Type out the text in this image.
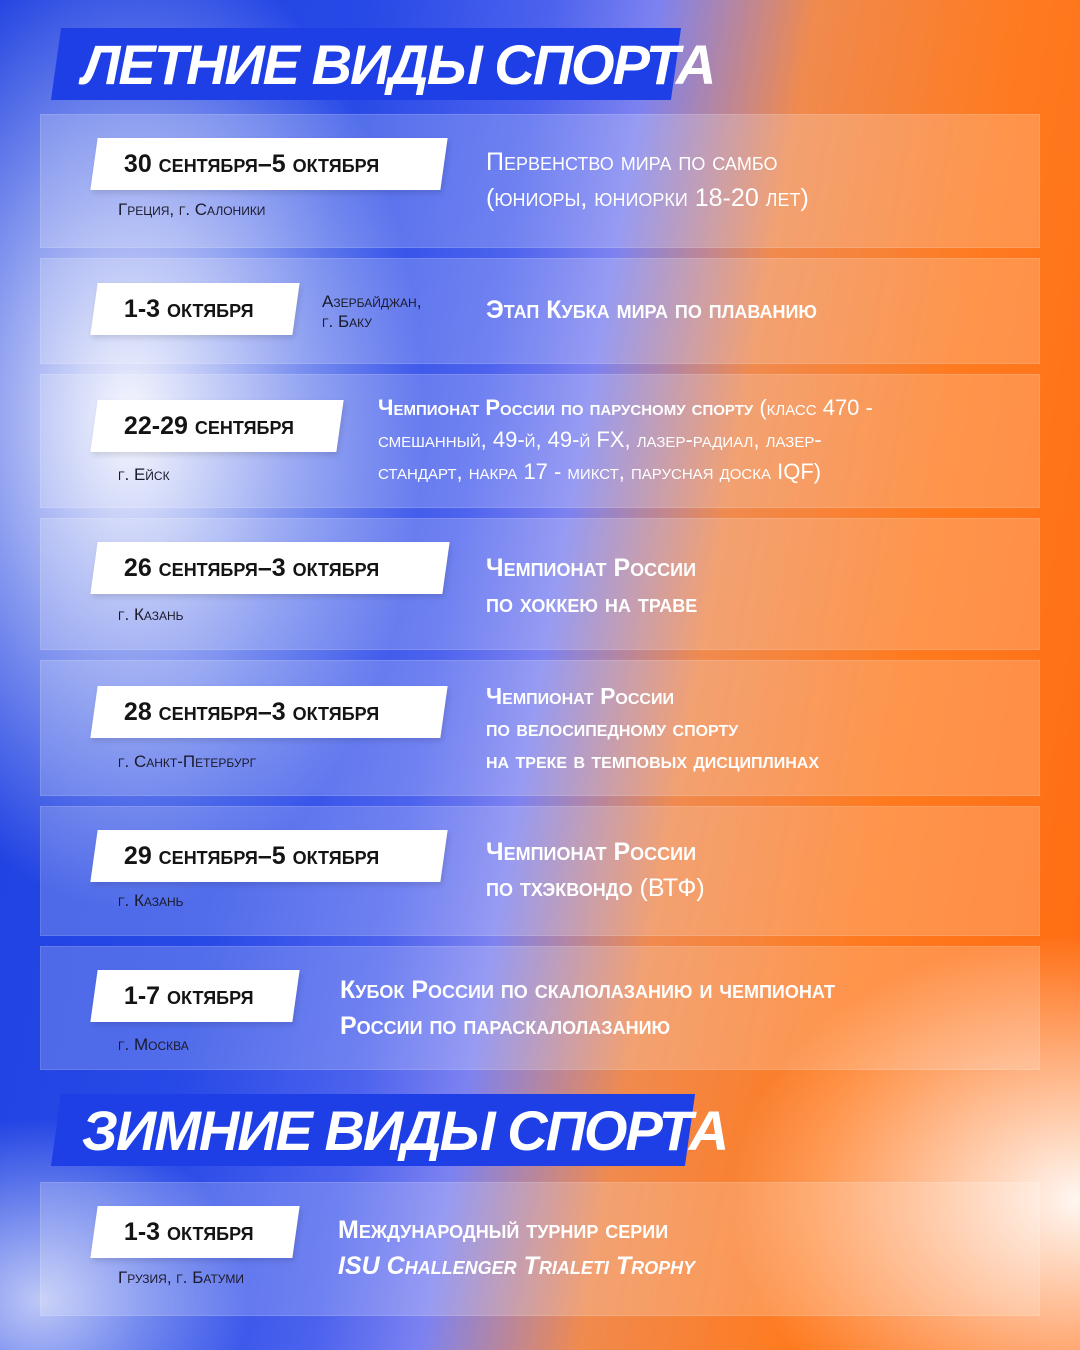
ЛЕТНИЕ ВИДЫ СПОРТА
30 сентября–5 октября
Греция, г. Салоники
Первенство мира по самбо
(юниоры, юниорки 18-20 лет)
1-3 октября	Азербайджан,
г. Баку	Этап Кубка мира по плаванию
22-29 сентября
г. Ейск
Чемпионат России по парусному спорту (класс 470 -
смешанный, 49-й, 49-й FX, лазер-радиал, лазер-
стандарт, накра 17 - микст, парусная доска IQF)
26 сентября–3 октября
г. Казань
Чемпионат России
по хоккею на траве
28 сентября–3 октября
г. Санкт-Петербург
Чемпионат России
по велосипедному спорту
на треке в темповых дисциплинах
29 сентября–5 октября
г. Казань
Чемпионат России
по тхэквондо (ВТФ)
1-7 октября
г. Москва
Кубок России по скалолазанию и чемпионат
России по параскалолазанию
ЗИМНИЕ ВИДЫ СПОРТА
1-3 октября
Грузия, г. Батуми
Международный турнир серии
ISU Challenger Trialeti Trophy
